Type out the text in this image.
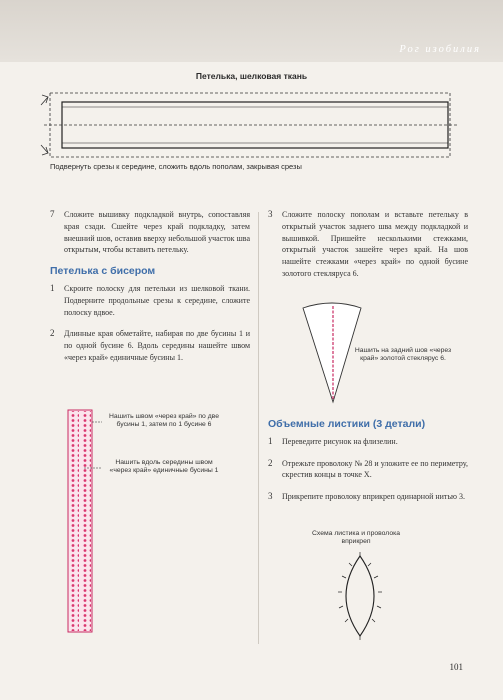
Рог изобилия
Петелька, шелковая ткань
Подвернуть срезы к середине, сложить вдоль пополам, закрывая срезы
7	Сложите вышивку подкладкой внутрь, сопоставляя края сзади. Сшейте через край подкладку, затем внешний шов, оставив вверху небольшой участок шва открытым, чтобы вставить петельку.
Петелька с бисером
1	Скроите полоску для петельки из шелковой ткани. Подверните продольные срезы к середине, сложите полоску вдвое.
2	Длинные края обметайте, набирая по две бусины 1 и по одной бусине 6. Вдоль середины нашейте швом «через край» единичные бусины 1.
Нашить швом «через край» по две бусины 1, затем по 1 бусине 6
Нашить вдоль середины швом «через край» единичные бусины 1
3	Сложите полоску пополам и вставьте петельку в открытый участок заднего шва между подкладкой и вышивкой. Пришейте несколькими стежками, открытый участок зашейте через край. На шов нашейте стежками «через край» по одной бусине золотого стекляруса 6.
Нашить на задний шов «через край» золотой стеклярус 6.
Объемные листики (3 детали)
1	Переведите рисунок на флизелин.
2	Отрежьте проволоку № 28 и уложите ее по периметру, скрестив концы в точке X.
3	Прикрепите проволоку вприкреп одинарной нитью 3.
Схема листика и проволока вприкреп
101
